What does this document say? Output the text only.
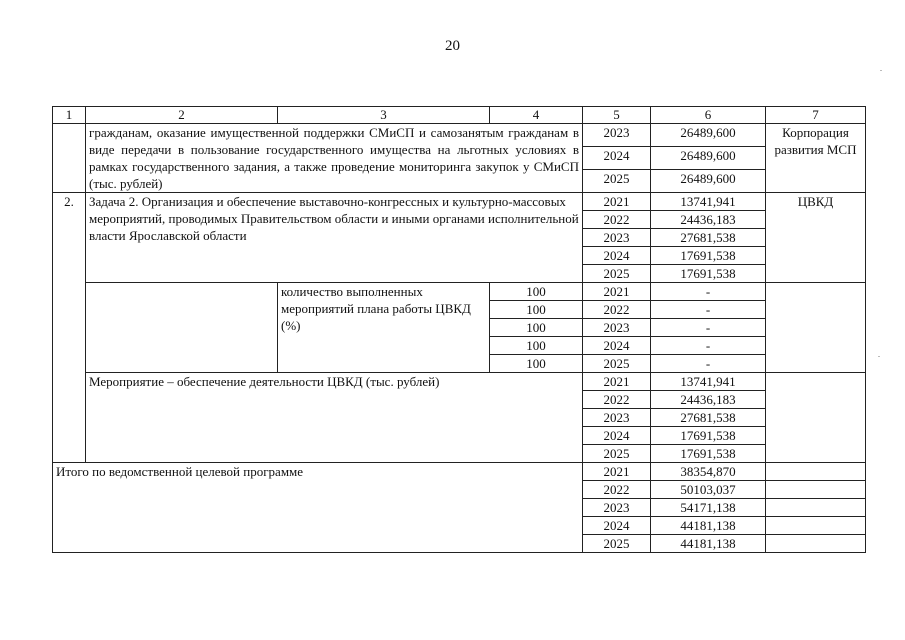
20
1	2	3	4	5	6	7
	гражданам, оказание имущественной поддержки СМиСП и самозанятым гражданам в виде передачи в пользование государственного имущества на льготных условиях в рамках государственного задания, а также проведение мониторинга закупок у СМиСП (тыс. рублей)			2023	26489,600	Корпорация развития МСП
				2024	26489,600	
				2025	26489,600	
2.	Задача 2. Организация и обеспечение выставочно-конгрессных и культурно-массовых мероприятий, проводимых Правительством области и иными органами исполнительной власти Ярославской области			2021	13741,941	ЦВКД
				2022	24436,183	
				2023	27681,538	
				2024	17691,538	
				2025	17691,538	
		количество выполненных мероприятий плана работы ЦВКД (%)	100	2021	-	
			100	2022	-	
			100	2023	-	
			100	2024	-	
			100	2025	-	
	Мероприятие – обеспечение деятельности ЦВКД (тыс. рублей)			2021	13741,941	
				2022	24436,183	
				2023	27681,538	
				2024	17691,538	
				2025	17691,538	
Итого по ведомственной целевой программе				2021	38354,870	
				2022	50103,037	
				2023	54171,138	
				2024	44181,138	
				2025	44181,138	
